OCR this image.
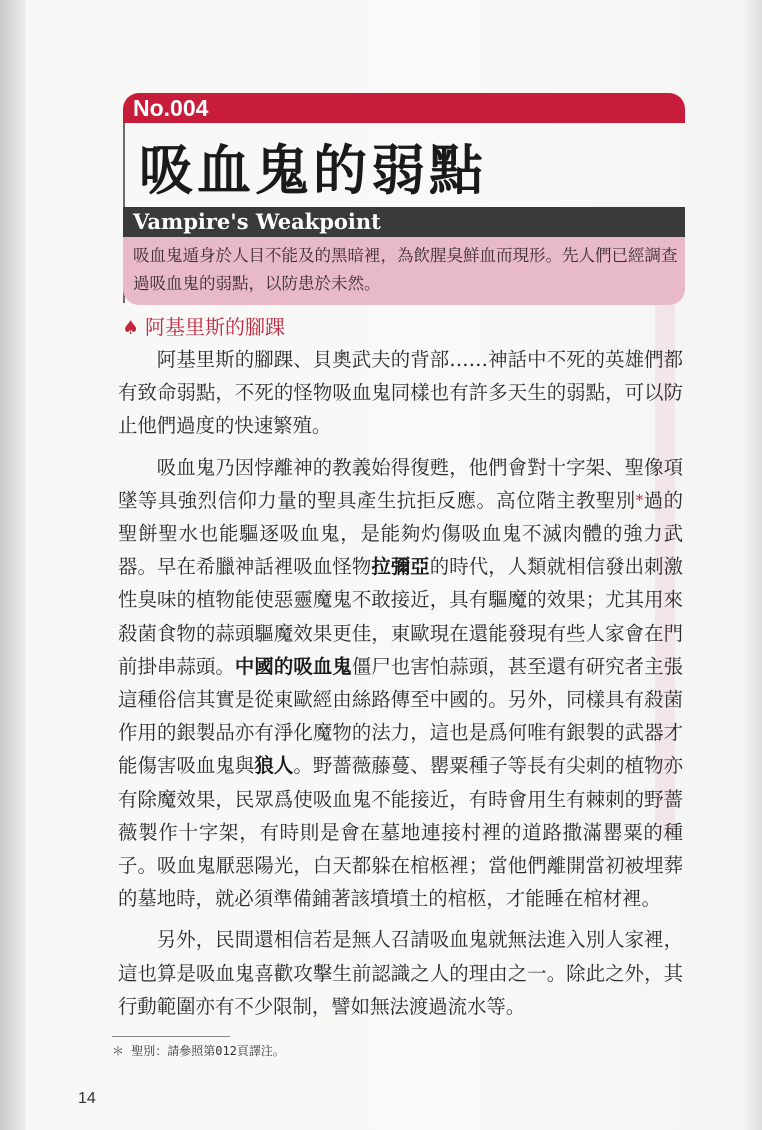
No.004
吸血鬼的弱點
Vampire's Weakpoint
吸血鬼遁身於人目不能及的黑暗裡，為飲腥臭鮮血而現形。先人們已經調查過吸血鬼的弱點，以防患於未然。
♠ 阿基里斯的腳踝

阿基里斯的腳踝、貝奧武夫的背部……神話中不死的英雄們都有致命弱點，不死的怪物吸血鬼同樣也有許多天生的弱點，可以防止他們過度的快速繁殖。

吸血鬼乃因悖離神的教義始得復甦，他們會對十字架、聖像項墜等具強烈信仰力量的聖具產生抗拒反應。高位階主教聖別*過的聖餅聖水也能驅逐吸血鬼，是能夠灼傷吸血鬼不滅肉體的強力武器。早在希臘神話裡吸血怪物拉彌亞的時代，人類就相信發出刺激性臭味的植物能使惡靈魔鬼不敢接近，具有驅魔的效果；尤其用來殺菌食物的蒜頭驅魔效果更佳，東歐現在還能發現有些人家會在門前掛串蒜頭。中國的吸血鬼僵尸也害怕蒜頭，甚至還有研究者主張這種俗信其實是從東歐經由絲路傳至中國的。另外，同樣具有殺菌作用的銀製品亦有淨化魔物的法力，這也是爲何唯有銀製的武器才能傷害吸血鬼與狼人。野薔薇藤蔓、罌粟種子等長有尖刺的植物亦有除魔效果，民眾爲使吸血鬼不能接近，有時會用生有棘刺的野薔薇製作十字架，有時則是會在墓地連接村裡的道路撒滿罌粟的種子。吸血鬼厭惡陽光，白天都躲在棺柩裡；當他們離開當初被埋葬的墓地時，就必須準備鋪著該墳墳土的棺柩，才能睡在棺材裡。

另外，民間還相信若是無人召請吸血鬼就無法進入別人家裡，這也算是吸血鬼喜歡攻擊生前認識之人的理由之一。除此之外，其行動範圍亦有不少限制，譬如無法渡過流水等。

＊ 聖別：請參照第012頁譯注。
14
